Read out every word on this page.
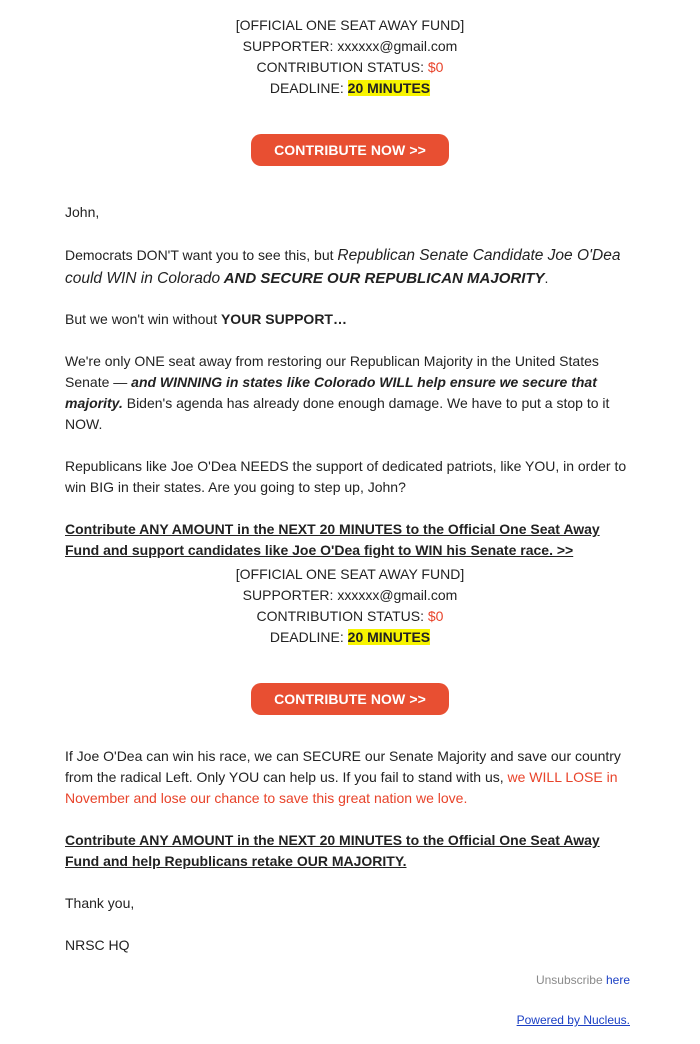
[OFFICIAL ONE SEAT AWAY FUND]
SUPPORTER: xxxxxx@gmail.com
CONTRIBUTION STATUS: $0
DEADLINE: 20 MINUTES
CONTRIBUTE NOW >>

John,

Democrats DON'T want you to see this, but Republican Senate Candidate Joe O'Dea could WIN in Colorado AND SECURE OUR REPUBLICAN MAJORITY.

But we won't win without YOUR SUPPORT…

We're only ONE seat away from restoring our Republican Majority in the United States Senate — and WINNING in states like Colorado WILL help ensure we secure that majority. Biden's agenda has already done enough damage. We have to put a stop to it NOW.

Republicans like Joe O'Dea NEEDS the support of dedicated patriots, like YOU, in order to win BIG in their states. Are you going to step up, John?

Contribute ANY AMOUNT in the NEXT 20 MINUTES to the Official One Seat Away Fund and support candidates like Joe O'Dea fight to WIN his Senate race. >>

[OFFICIAL ONE SEAT AWAY FUND]
SUPPORTER: xxxxxx@gmail.com
CONTRIBUTION STATUS: $0
DEADLINE: 20 MINUTES
CONTRIBUTE NOW >>

If Joe O'Dea can win his race, we can SECURE our Senate Majority and save our country from the radical Left. Only YOU can help us. If you fail to stand with us, we WILL LOSE in November and lose our chance to save this great nation we love.

Contribute ANY AMOUNT in the NEXT 20 MINUTES to the Official One Seat Away Fund and help Republicans retake OUR MAJORITY.

Thank you,

NRSC HQ

Unsubscribe here
Powered by Nucleus.
